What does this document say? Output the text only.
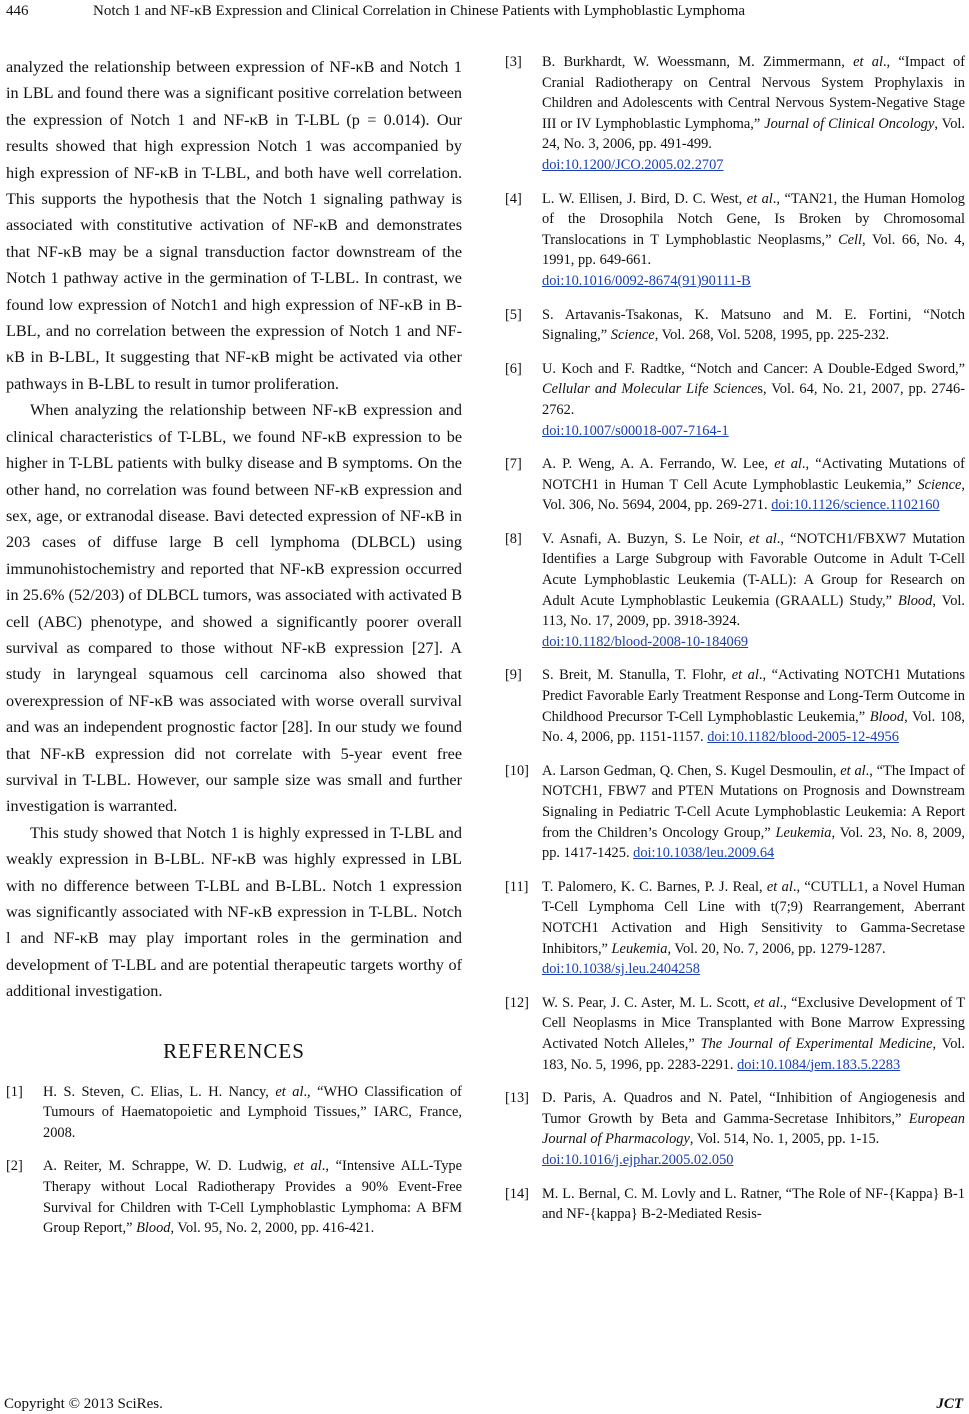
446	Notch 1 and NF-κB Expression and Clinical Correlation in Chinese Patients with Lymphoblastic Lymphoma

analyzed the relationship between expression of NF-κB and Notch 1 in LBL and found there was a significant positive correlation between the expression of Notch 1 and NF-κB in T-LBL (p = 0.014). Our results showed that high expression Notch 1 was accompanied by high expression of NF-κB in T-LBL, and both have well correlation. This supports the hypothesis that the Notch 1 signaling pathway is associated with constitutive activation of NF-κB and demonstrates that NF-κB may be a signal transduction factor downstream of the Notch 1 pathway active in the germination of T-LBL. In contrast, we found low expression of Notch1 and high expression of NF-κB in B-LBL, and no correlation between the expression of Notch 1 and NF-κB in B-LBL, It suggesting that NF-κB might be activated via other pathways in B-LBL to result in tumor proliferation.

When analyzing the relationship between NF-κB expression and clinical characteristics of T-LBL, we found NF-κB expression to be higher in T-LBL patients with bulky disease and B symptoms. On the other hand, no correlation was found between NF-κB expression and sex, age, or extranodal disease. Bavi detected expression of NF-κB in 203 cases of diffuse large B cell lymphoma (DLBCL) using immunohistochemistry and reported that NF-κB expression occurred in 25.6% (52/203) of DLBCL tumors, was associated with activated B cell (ABC) phenotype, and showed a significantly poorer overall survival as compared to those without NF-κB expression [27]. A study in laryngeal squamous cell carcinoma also showed that overexpression of NF-κB was associated with worse overall survival and was an independent prognostic factor [28]. In our study we found that NF-κB expression did not correlate with 5-year event free survival in T-LBL. However, our sample size was small and further investigation is warranted.

This study showed that Notch 1 is highly expressed in T-LBL and weakly expression in B-LBL. NF-κB was highly expressed in LBL with no difference between T-LBL and B-LBL. Notch 1 expression was significantly associated with NF-κB expression in T-LBL. Notch l and NF-κB may play important roles in the germination and development of T-LBL and are potential therapeutic targets worthy of additional investigation.

REFERENCES
[1] H. S. Steven, C. Elias, L. H. Nancy, et al., “WHO Classification of Tumours of Haematopoietic and Lymphoid Tissues,” IARC, France, 2008.
[2] A. Reiter, M. Schrappe, W. D. Ludwig, et al., “Intensive ALL-Type Therapy without Local Radiotherapy Provides a 90% Event-Free Survival for Children with T-Cell Lymphoblastic Lymphoma: A BFM Group Report,” Blood, Vol. 95, No. 2, 2000, pp. 416-421.
[3] B. Burkhardt, W. Woessmann, M. Zimmermann, et al., “Impact of Cranial Radiotherapy on Central Nervous System Prophylaxis in Children and Adolescents with Central Nervous System-Negative Stage III or IV Lymphoblastic Lymphoma,” Journal of Clinical Oncology, Vol. 24, No. 3, 2006, pp. 491-499.
doi:10.1200/JCO.2005.02.2707
[4] L. W. Ellisen, J. Bird, D. C. West, et al., “TAN21, the Human Homolog of the Drosophila Notch Gene, Is Broken by Chromosomal Translocations in T Lymphoblastic Neoplasms,” Cell, Vol. 66, No. 4, 1991, pp. 649-661.
doi:10.1016/0092-8674(91)90111-B
[5] S. Artavanis-Tsakonas, K. Matsuno and M. E. Fortini, “Notch Signaling,” Science, Vol. 268, Vol. 5208, 1995, pp. 225-232.
[6] U. Koch and F. Radtke, “Notch and Cancer: A Double-Edged Sword,” Cellular and Molecular Life Sciences, Vol. 64, No. 21, 2007, pp. 2746-2762.
doi:10.1007/s00018-007-7164-1
[7] A. P. Weng, A. A. Ferrando, W. Lee, et al., “Activating Mutations of NOTCH1 in Human T Cell Acute Lymphoblastic Leukemia,” Science, Vol. 306, No. 5694, 2004, pp. 269-271. doi:10.1126/science.1102160
[8] V. Asnafi, A. Buzyn, S. Le Noir, et al., “NOTCH1/FBXW7 Mutation Identifies a Large Subgroup with Favorable Outcome in Adult T-Cell Acute Lymphoblastic Leukemia (T-ALL): A Group for Research on Adult Acute Lymphoblastic Leukemia (GRAALL) Study,” Blood, Vol. 113, No. 17, 2009, pp. 3918-3924.
doi:10.1182/blood-2008-10-184069
[9] S. Breit, M. Stanulla, T. Flohr, et al., “Activating NOTCH1 Mutations Predict Favorable Early Treatment Response and Long-Term Outcome in Childhood Precursor T-Cell Lymphoblastic Leukemia,” Blood, Vol. 108, No. 4, 2006, pp. 1151-1157. doi:10.1182/blood-2005-12-4956
[10] A. Larson Gedman, Q. Chen, S. Kugel Desmoulin, et al., “The Impact of NOTCH1, FBW7 and PTEN Mutations on Prognosis and Downstream Signaling in Pediatric T-Cell Acute Lymphoblastic Leukemia: A Report from the Children’s Oncology Group,” Leukemia, Vol. 23, No. 8, 2009, pp. 1417-1425. doi:10.1038/leu.2009.64
[11] T. Palomero, K. C. Barnes, P. J. Real, et al., “CUTLL1, a Novel Human T-Cell Lymphoma Cell Line with t(7;9) Rearrangement, Aberrant NOTCH1 Activation and High Sensitivity to Gamma-Secretase Inhibitors,” Leukemia, Vol. 20, No. 7, 2006, pp. 1279-1287.
doi:10.1038/sj.leu.2404258
[12] W. S. Pear, J. C. Aster, M. L. Scott, et al., “Exclusive Development of T Cell Neoplasms in Mice Transplanted with Bone Marrow Expressing Activated Notch Alleles,” The Journal of Experimental Medicine, Vol. 183, No. 5, 1996, pp. 2283-2291. doi:10.1084/jem.183.5.2283
[13] D. Paris, A. Quadros and N. Patel, “Inhibition of Angiogenesis and Tumor Growth by Beta and Gamma-Secretase Inhibitors,” European Journal of Pharmacology, Vol. 514, No. 1, 2005, pp. 1-15.
doi:10.1016/j.ejphar.2005.02.050
[14] M. L. Bernal, C. M. Lovly and L. Ratner, “The Role of NF-{Kappa} B-1 and NF-{kappa} B-2-Mediated Resis-
Copyright © 2013 SciRes.	JCT
